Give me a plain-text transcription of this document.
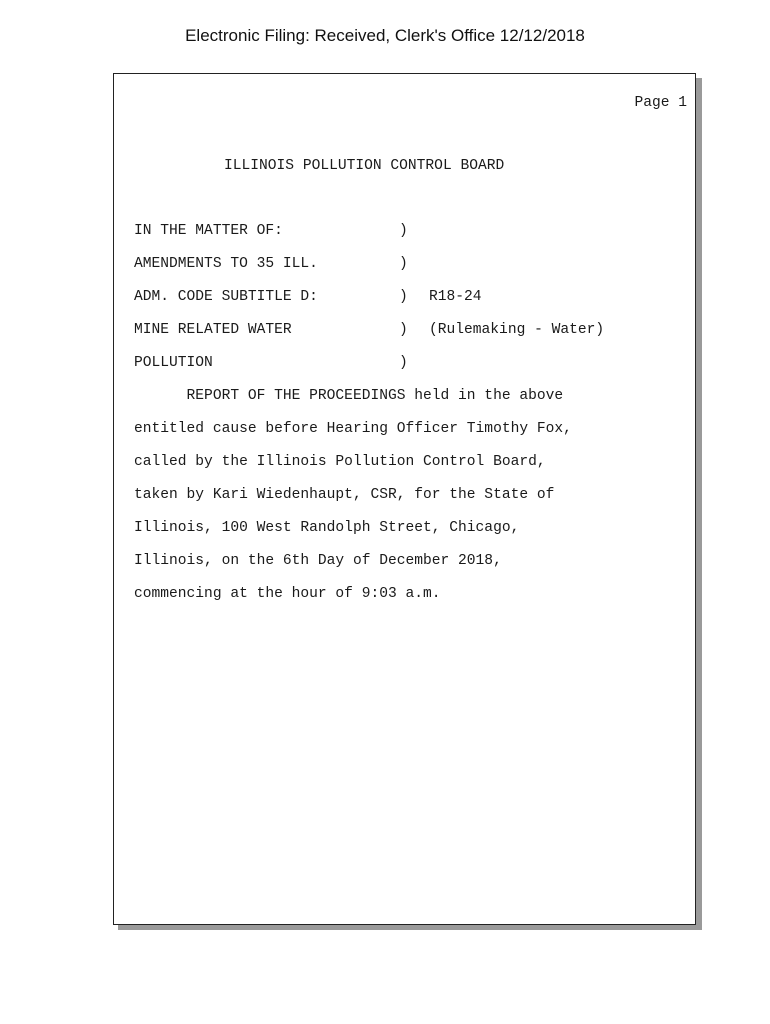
Electronic Filing: Received, Clerk's Office 12/12/2018
Page 1
ILLINOIS POLLUTION CONTROL BOARD
IN THE MATTER OF:	)
AMENDMENTS TO 35 ILL.	)
ADM. CODE SUBTITLE D:	) R18-24
MINE RELATED WATER	) (Rulemaking - Water)
POLLUTION	)
REPORT OF THE PROCEEDINGS held in the above
entitled cause before Hearing Officer Timothy Fox,
called by the Illinois Pollution Control Board,
taken by Kari Wiedenhaupt, CSR, for the State of
Illinois, 100 West Randolph Street, Chicago,
Illinois, on the 6th Day of December 2018,
commencing at the hour of 9:03 a.m.
